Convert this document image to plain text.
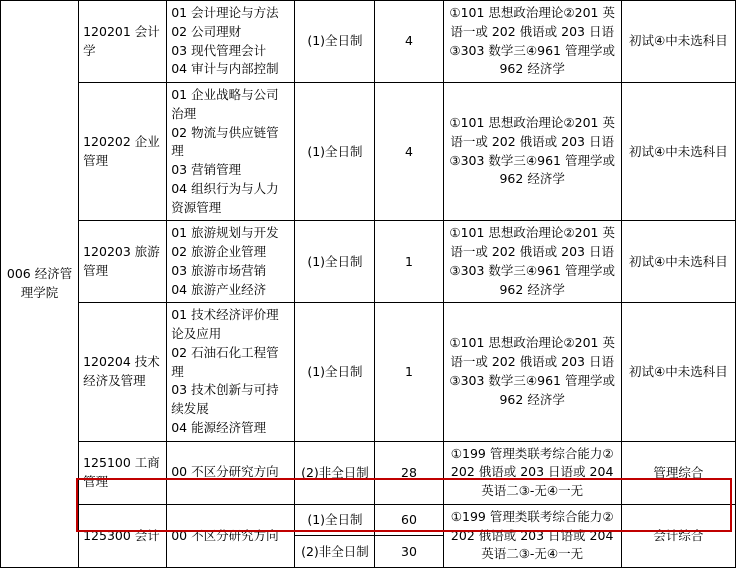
006 经济管理学院	120201 会计学	01 会计理论与方法
02 公司理财
03 现代管理会计
04 审计与内部控制	(1)全日制	4	①101 思想政治理论②201 英语一或 202 俄语或 203 日语③303 数学三④961 管理学或 962 经济学	初试④中未选科目
	120202 企业管理	01 企业战略与公司治理
02 物流与供应链管理
03 营销管理
04 组织行为与人力资源管理	(1)全日制	4	①101 思想政治理论②201 英语一或 202 俄语或 203 日语③303 数学三④961 管理学或 962 经济学	初试④中未选科目
	120203 旅游管理	01 旅游规划与开发
02 旅游企业管理
03 旅游市场营销
04 旅游产业经济	(1)全日制	1	①101 思想政治理论②201 英语一或 202 俄语或 203 日语③303 数学三④961 管理学或 962 经济学	初试④中未选科目
	120204 技术经济及管理	01 技术经济评价理论及应用
02 石油石化工程管理
03 技术创新与可持续发展
04 能源经济管理	(1)全日制	1	①101 思想政治理论②201 英语一或 202 俄语或 203 日语③303 数学三④961 管理学或 962 经济学	初试④中未选科目
	125100 工商管理	00 不区分研究方向	(2)非全日制	28	①199 管理类联考综合能力②202 俄语或 203 日语或 204 英语二③-无④一无	管理综合
	125300 会计	00 不区分研究方向	(1)全日制	60	①199 管理类联考综合能力②202 俄语或 203 日语或 204 英语二③-无④一无	会计综合
			(2)非全日制	30		
